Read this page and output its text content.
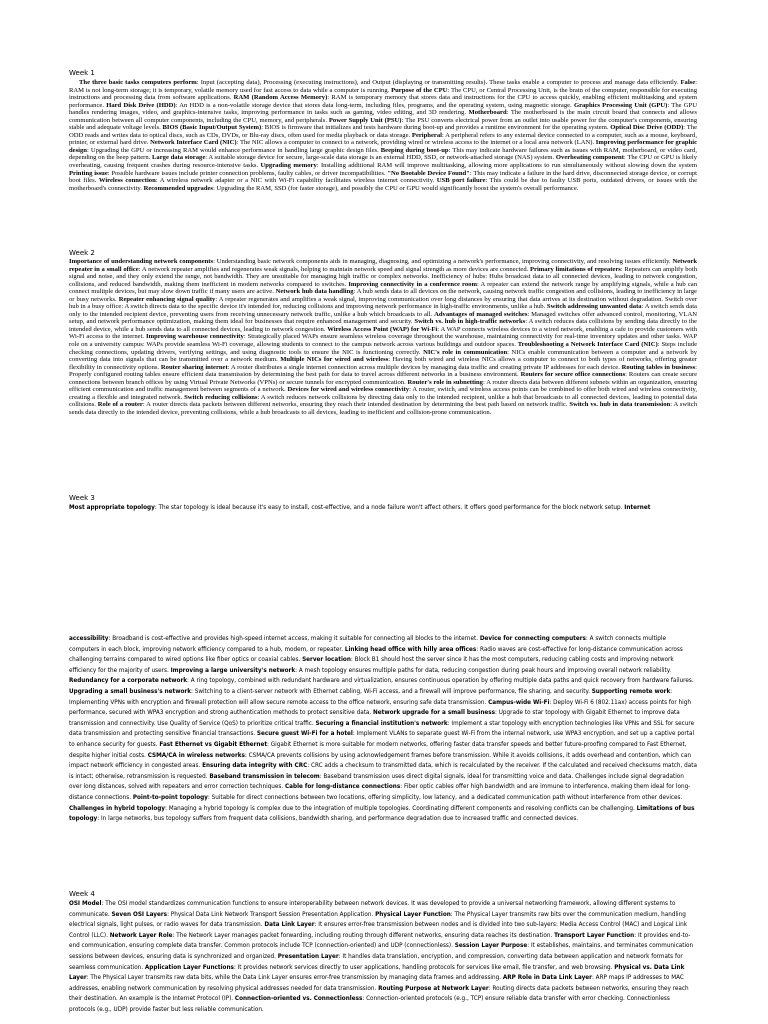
Week 1
The three basic tasks computers perform: Input (accepting data), Processing (executing instructions), and Output (displaying or transmitting results). These tasks enable a computer to process and manage data efficiently. False: RAM is not long-term storage; it is temporary, volatile memory used for fast access to data while a computer is running. Purpose of the CPU: The CPU, or Central Processing Unit, is the brain of the computer, responsible for executing instructions and processing data from software applications. RAM (Random Access Memory): RAM is temporary memory that stores data and instructions for the CPU to access quickly, enabling efficient multitasking and system performance. Hard Disk Drive (HDD): An HDD is a non-volatile storage device that stores data long-term, including files, programs, and the operating system, using magnetic storage. Graphics Processing Unit (GPU): The GPU handles rendering images, video, and graphics-intensive tasks, improving performance in tasks such as gaming, video editing, and 3D rendering. Motherboard: The motherboard is the main circuit board that connects and allows communication between all computer components, including the CPU, memory, and peripherals. Power Supply Unit (PSU): The PSU converts electrical power from an outlet into usable power for the computer's components, ensuring stable and adequate voltage levels. BIOS (Basic Input/Output System): BIOS is firmware that initializes and tests hardware during boot-up and provides a runtime environment for the operating system. Optical Disc Drive (ODD): The ODD reads and writes data to optical discs, such as CDs, DVDs, or Blu-ray discs, often used for media playback or data storage. Peripheral: A peripheral refers to any external device connected to a computer, such as a mouse, keyboard, printer, or external hard drive. Network Interface Card (NIC): The NIC allows a computer to connect to a network, providing wired or wireless access to the internet or a local area network (LAN). Improving performance for graphic design: Upgrading the GPU or increasing RAM would enhance performance in handling large graphic design files. Beeping during boot-up: This may indicate hardware failures such as issues with RAM, motherboard, or video card, depending on the beep pattern. Large data storage: A suitable storage device for secure, large-scale data storage is an external HDD, SSD, or network-attached storage (NAS) system. Overheating component: The CPU or GPU is likely overheating, causing frequent crashes during resource-intensive tasks. Upgrading memory: Installing additional RAM will improve multitasking, allowing more applications to run simultaneously without slowing down the system Printing issue: Possible hardware issues include printer connection problems, faulty cables, or driver incompatibilities. "No Bootable Device Found": This may indicate a failure in the hard drive, disconnected storage device, or corrupt boot files. Wireless connection: A wireless network adapter or a NIC with Wi-Fi capability facilitates wireless internet connectivity. USB port failure: This could be due to faulty USB ports, outdated drivers, or issues with the motherboard's connectivity. Recommended upgrades: Upgrading the RAM, SSD (for faster storage), and possibly the CPU or GPU would significantly boost the system's overall performance.
Week 2
Importance of understanding network components: Understanding basic network components aids in managing, diagnosing, and optimizing a network's performance, improving connectivity, and resolving issues efficiently. Network repeater in a small office: A network repeater amplifies and regenerates weak signals, helping to maintain network speed and signal strength as more devices are connected. Primary limitations of repeaters: Repeaters can amplify both signal and noise, and they only extend the range, not bandwidth. They are unsuitable for managing high traffic or complex networks. Inefficiency of hubs: Hubs broadcast data to all connected devices, leading to network congestion, collisions, and reduced bandwidth, making them inefficient in modern networks compared to switches. Improving connectivity in a conference room: A repeater can extend the network range by amplifying signals, while a hub can connect multiple devices, but may slow down traffic if many users are active. Network hub data handling: A hub sends data to all devices on the network, causing network traffic congestion and collisions, leading to inefficiency in large or busy networks. Repeater enhancing signal quality: A repeater regenerates and amplifies a weak signal, improving communication over long distances by ensuring that data arrives at its destination without degradation. Switch over hub in a busy office: A switch directs data to the specific device it's intended for, reducing collisions and improving network performance in high-traffic environments, unlike a hub. Switch addressing unwanted data: A switch sends data only to the intended recipient device, preventing users from receiving unnecessary network traffic, unlike a hub which broadcasts to all. Advantages of managed switches: Managed switches offer advanced control, monitoring, VLAN setup, and network performance optimization, making them ideal for businesses that require enhanced management and security. Switch vs. hub in high-traffic networks: A switch reduces data collisions by sending data directly to the intended device, while a hub sends data to all connected devices, leading to network congestion. Wireless Access Point (WAP) for Wi-Fi: A WAP connects wireless devices to a wired network, enabling a cafe to provide customers with Wi-Fi access to the internet. Improving warehouse connectivity: Strategically placed WAPs ensure seamless wireless coverage throughout the warehouse, maintaining connectivity for real-time inventory updates and other tasks. WAP role on a university campus: WAPs provide seamless Wi-Fi coverage, allowing students to connect to the campus network across various buildings and outdoor spaces. Troubleshooting a Network Interface Card (NIC): Steps include checking connections, updating drivers, verifying settings, and using diagnostic tools to ensure the NIC is functioning correctly. NIC's role in communication: NICs enable communication between a computer and a network by converting data into signals that can be transmitted over a network medium. Multiple NICs for wired and wireless: Having both wired and wireless NICs allows a computer to connect to both types of networks, offering greater flexibility in connectivity options. Router sharing internet: A router distributes a single internet connection across multiple devices by managing data traffic and creating private IP addresses for each device. Routing tables in business: Properly configured routing tables ensure efficient data transmission by determining the best path for data to travel across different networks in a business environment. Routers for secure office connections: Routers can create secure connections between branch offices by using Virtual Private Networks (VPNs) or secure tunnels for encrypted communication. Router's role in subnetting: A router directs data between different subnets within an organization, ensuring efficient communication and traffic management between segments of a network. Devices for wired and wireless connectivity: A router, switch, and wireless access points can be combined to offer both wired and wireless connectivity, creating a flexible and integrated network. Switch reducing collisions: A switch reduces network collisions by directing data only to the intended recipient, unlike a hub that broadcasts to all connected devices, leading to potential data collisions. Role of a router: A router directs data packets between different networks, ensuring they reach their intended destination by determining the best path based on network traffic. Switch vs. hub in data transmission: A switch sends data directly to the intended device, preventing collisions, while a hub broadcasts to all devices, leading to inefficient and collision-prone communication.
Week 3
Most appropriate topology: The star topology is ideal because it's easy to install, cost-effective, and a node failure won't affect others. It offers good performance for the block network setup. Internet
accessibility: Broadband is cost-effective and provides high-speed internet access, making it suitable for connecting all blocks to the internet. Device for connecting computers: A switch connects multiple computers in each block, improving network efficiency compared to a hub, modem, or repeater. Linking head office with hilly area offices: Radio waves are cost-effective for long-distance communication across challenging terrains compared to wired options like fiber optics or coaxial cables. Server location: Block B1 should host the server since it has the most computers, reducing cabling costs and improving network efficiency for the majority of users. Improving a large university's network: A mesh topology ensures multiple paths for data, reducing congestion during peak hours and improving overall network reliability. Redundancy for a corporate network: A ring topology, combined with redundant hardware and virtualization, ensures continuous operation by offering multiple data paths and quick recovery from hardware failures. Upgrading a small business's network: Switching to a client-server network with Ethernet cabling, Wi-Fi access, and a firewall will improve performance, file sharing, and security. Supporting remote work: Implementing VPNs with encryption and firewall protection will allow secure remote access to the office network, ensuring safe data transmission. Campus-wide Wi-Fi: Deploy Wi-Fi 6 (802.11ax) access points for high performance, secured with WPA3 encryption and strong authentication methods to protect sensitive data. Network upgrade for a small business: Upgrade to star topology with Gigabit Ethernet to improve data transmission and connectivity. Use Quality of Service (QoS) to prioritize critical traffic. Securing a financial institution's network: Implement a star topology with encryption technologies like VPNs and SSL for secure data transmission and protecting sensitive financial transactions. Secure guest Wi-Fi for a hotel: Implement VLANs to separate guest Wi-Fi from the internal network, use WPA3 encryption, and set up a captive portal to enhance security for guests. Fast Ethernet vs Gigabit Ethernet: Gigabit Ethernet is more suitable for modern networks, offering faster data transfer speeds and better future-proofing compared to Fast Ethernet, despite higher initial costs. CSMA/CA in wireless networks: CSMA/CA prevents collisions by using acknowledgement frames before transmission. While it avoids collisions, it adds overhead and contention, which can impact network efficiency in congested areas. Ensuring data integrity with CRC: CRC adds a checksum to transmitted data, which is recalculated by the receiver. If the calculated and received checksums match, data is intact; otherwise, retransmission is requested. Baseband transmission in telecom: Baseband transmission uses direct digital signals, ideal for transmitting voice and data. Challenges include signal degradation over long distances, solved with repeaters and error correction techniques. Cable for long-distance connections: Fiber optic cables offer high bandwidth and are immune to interference, making them ideal for long-distance connections. Point-to-point topology: Suitable for direct connections between two locations, offering simplicity, low latency, and a dedicated communication path without interference from other devices. Challenges in hybrid topology: Managing a hybrid topology is complex due to the integration of multiple topologies. Coordinating different components and resolving conflicts can be challenging. Limitations of bus topology: In large networks, bus topology suffers from frequent data collisions, bandwidth sharing, and performance degradation due to increased traffic and connected devices.
Week 4
OSI Model: The OSI model standardizes communication functions to ensure interoperability between network devices. It was developed to provide a universal networking framework, allowing different systems to communicate. Seven OSI Layers: Physical Data Link Network Transport Session Presentation Application. Physical Layer Function: The Physical Layer transmits raw bits over the communication medium, handling electrical signals, light pulses, or radio waves for data transmission. Data Link Layer: It ensures error-free transmission between nodes and is divided into two sub-layers: Media Access Control (MAC) and Logical Link Control (LLC). Network Layer Role: The Network Layer manages packet forwarding, including routing through different networks, ensuring data reaches its destination. Transport Layer Function: It provides end-to-end communication, ensuring complete data transfer. Common protocols include TCP (connection-oriented) and UDP (connectionless). Session Layer Purpose: It establishes, maintains, and terminates communication sessions between devices, ensuring data is synchronized and organized. Presentation Layer: It handles data translation, encryption, and compression, converting data between application and network formats for seamless communication. Application Layer Functions: It provides network services directly to user applications, handling protocols for services like email, file transfer, and web browsing. Physical vs. Data Link Layer: The Physical Layer transmits raw data bits, while the Data Link Layer ensures error-free transmission by managing data frames and addressing. ARP Role in Data Link Layer: ARP maps IP addresses to MAC addresses, enabling network communication by resolving physical addresses needed for data transmission. Routing Purpose at Network Layer: Routing directs data packets between networks, ensuring they reach their destination. An example is the Internet Protocol (IP). Connection-oriented vs. Connectionless: Connection-oriented protocols (e.g., TCP) ensure reliable data transfer with error checking. Connectionless protocols (e.g., UDP) provide faster but less reliable communication.
